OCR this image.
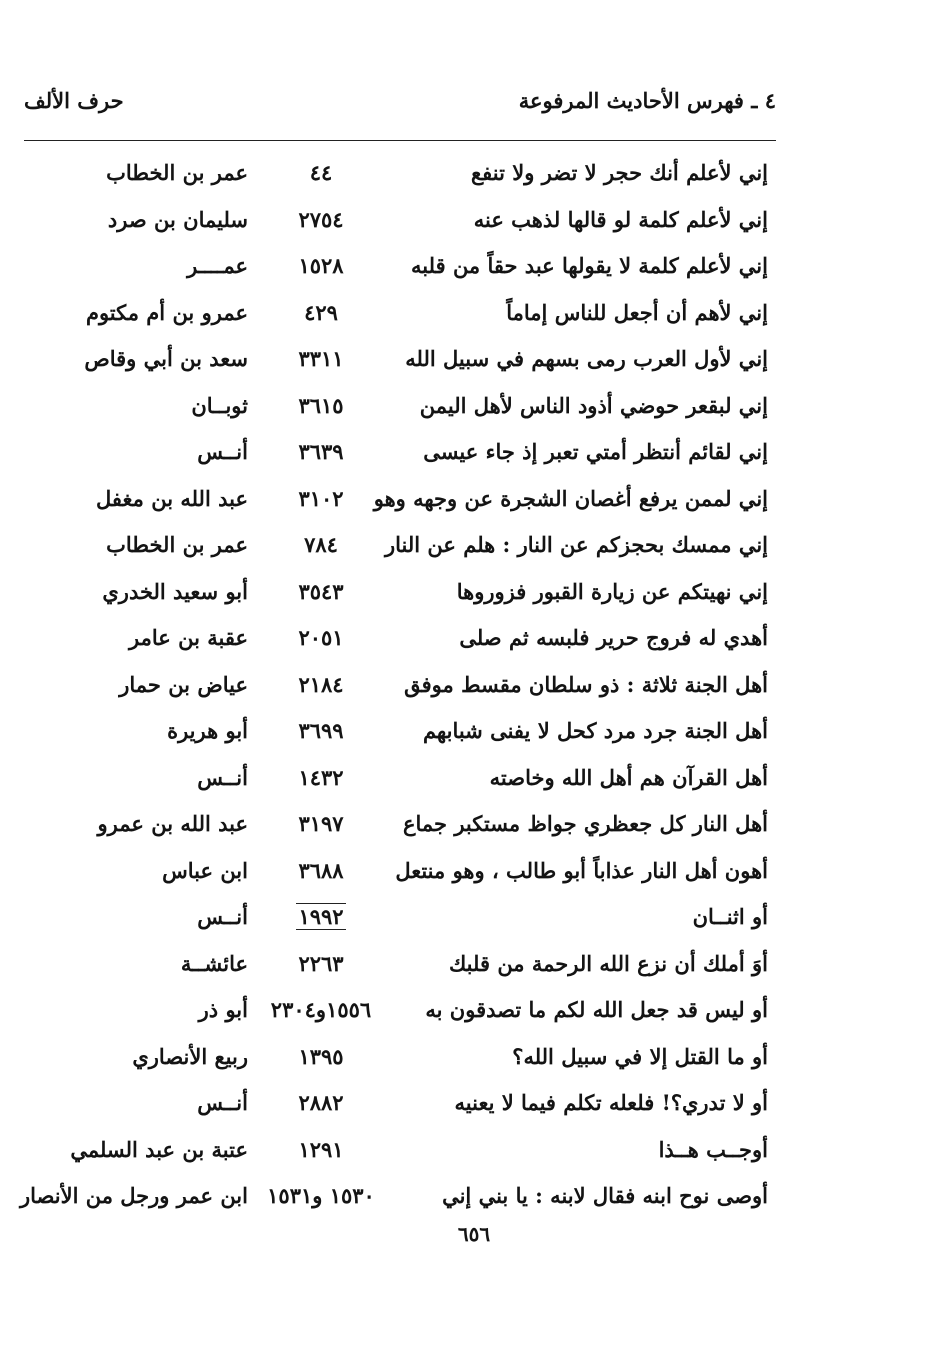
٤ ـ فهرس الأحاديث المرفوعة
حرف الألف
إني لأعلم أنك حجر لا تضر ولا تنفع
٤٤
عمر بن الخطاب
إني لأعلم كلمة لو قالها لذهب عنه
٢٧٥٤
سليمان بن صرد
إني لأعلم كلمة لا يقولها عبد حقاً من قلبه
١٥٢٨
عمــــر
إني لأهم أن أجعل للناس إماماً
٤٢٩
عمرو بن أم مكتوم
إني لأول العرب رمى بسهم في سبيل الله
٣٣١١
سعد بن أبي وقاص
إني لبقعر حوضي أذود الناس لأهل اليمن
٣٦١٥
ثوبــان
إني لقائم أنتظر أمتي تعبر إذ جاء عيسى
٣٦٣٩
أنــس
إني لممن يرفع أغصان الشجرة عن وجهه وهو
٣١٠٢
عبد الله بن مغفل
إني ممسك بحجزكم عن النار : هلم عن النار
٧٨٤
عمر بن الخطاب
إني نهيتكم عن زيارة القبور فزوروها
٣٥٤٣
أبو سعيد الخدري
أهدي له فروج حرير فلبسه ثم صلى
٢٠٥١
عقبة بن عامر
أهل الجنة ثلاثة : ذو سلطان مقسط موفق
٢١٨٤
عياض بن حمار
أهل الجنة جرد مرد كحل لا يفنى شبابهم
٣٦٩٩
أبو هريرة
أهل القرآن هم أهل الله وخاصته
١٤٣٢
أنــس
أهل النار كل جعظري جواظ مستكبر جماع
٣١٩٧
عبد الله بن عمرو
أهون أهل النار عذاباً أبو طالب ، وهو منتعل
٣٦٨٨
ابن عباس
أو اثنــان
١٩٩٢
أنــس
أوَ أملك أن نزع الله الرحمة من قلبك
٢٢٦٣
عائشــة
أو ليس قد جعل الله لكم ما تصدقون به
١٥٥٦و٢٣٠٤
أبو ذر
أو ما القتل إلا في سبيل الله؟
١٣٩٥
ربيع الأنصاري
أو لا تدري؟! فلعله تكلم فيما لا يعنيه
٢٨٨٢
أنــس
أوجــب هــذا
١٢٩١
عتبة بن عبد السلمي
أوصى نوح ابنه فقال لابنه : يا بني إني
١٥٣٠ و١٥٣١
ابن عمر ورجل من الأنصار
٦٥٦
